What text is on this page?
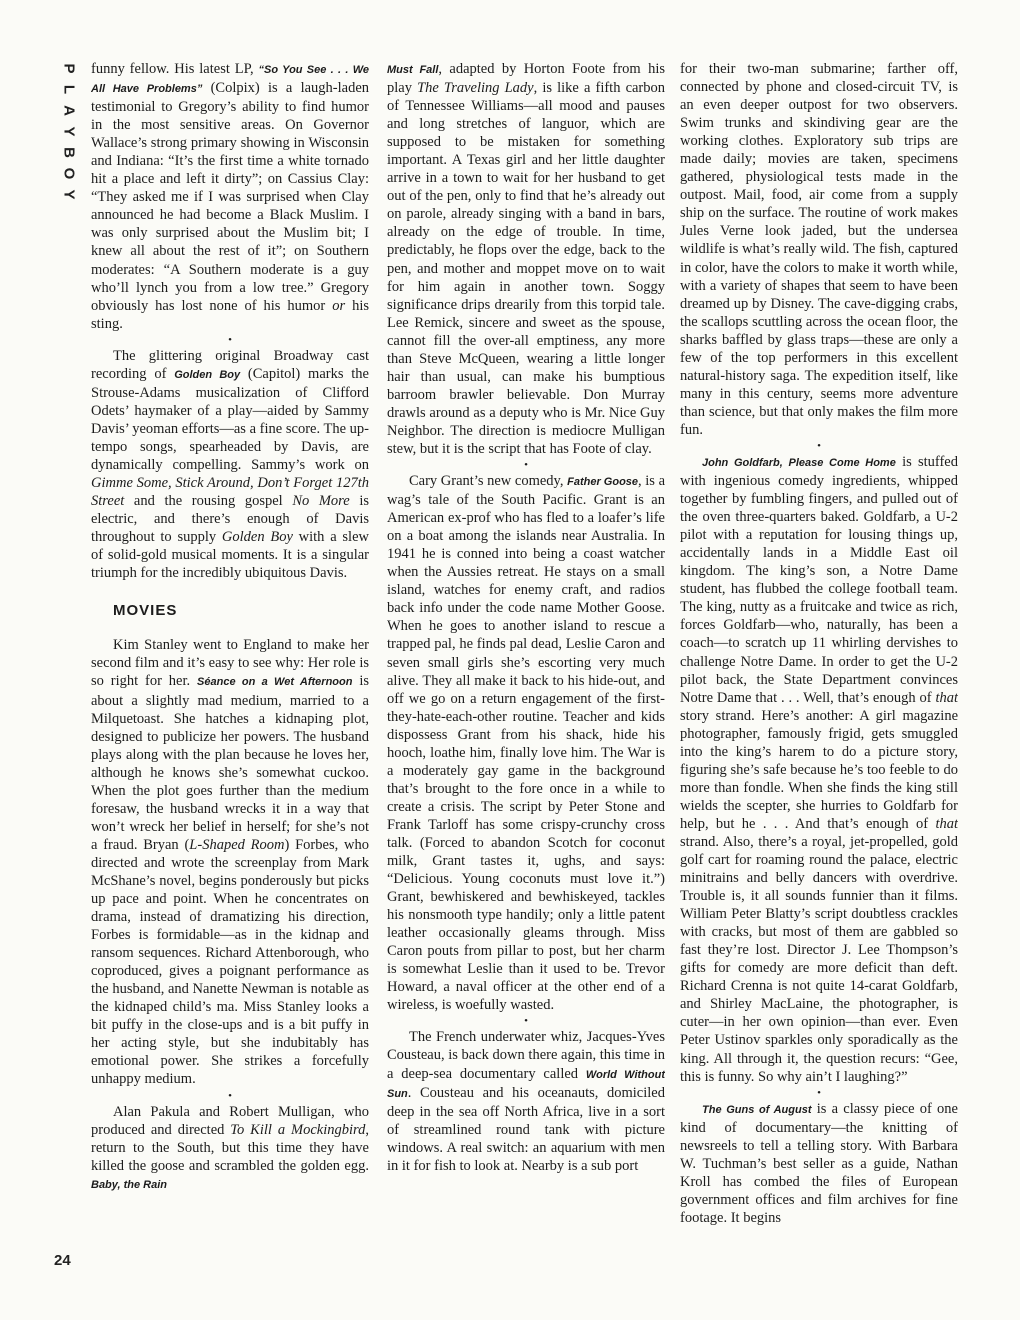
P
L
A
Y
B
O
Y

funny fellow. His latest LP, “So You See . . . We All Have Problems” (Colpix) is a laugh-laden testimonial to Gregory’s ability to find humor in the most sensitive areas. On Governor Wallace’s strong primary showing in Wisconsin and Indiana: “It’s the first time a white tornado hit a place and left it dirty”; on Cassius Clay: “They asked me if I was surprised when Clay announced he had become a Black Muslim. I was only surprised about the Muslim bit; I knew all about the rest of it”; on Southern moderates: “A Southern moderate is a guy who’ll lynch you from a low tree.” Gregory obviously has lost none of his humor or his sting.

•

The glittering original Broadway cast recording of Golden Boy (Capitol) marks the Strouse-Adams musicalization of Clifford Odets’ haymaker of a play—aided by Sammy Davis’ yeoman efforts—as a fine score. The up-tempo songs, spearheaded by Davis, are dynamically compelling. Sammy’s work on Gimme Some, Stick Around, Don’t Forget 127th Street and the rousing gospel No More is electric, and there’s enough of Davis throughout to supply Golden Boy with a slew of solid-gold musical moments. It is a singular triumph for the incredibly ubiquitous Davis.

MOVIES

Kim Stanley went to England to make her second film and it’s easy to see why: Her role is so right for her. Séance on a Wet Afternoon is about a slightly mad medium, married to a Milquetoast. She hatches a kidnaping plot, designed to publicize her powers. The husband plays along with the plan because he loves her, although he knows she’s somewhat cuckoo. When the plot goes further than the medium foresaw, the husband wrecks it in a way that won’t wreck her belief in herself; for she’s not a fraud. Bryan (L-Shaped Room) Forbes, who directed and wrote the screenplay from Mark McShane’s novel, begins ponderously but picks up pace and point. When he concentrates on drama, instead of dramatizing his direction, Forbes is formidable—as in the kidnap and ransom sequences. Richard Attenborough, who coproduced, gives a poignant performance as the husband, and Nanette Newman is notable as the kidnaped child’s ma. Miss Stanley looks a bit puffy in the close-ups and is a bit puffy in her acting style, but she indubitably has emotional power. She strikes a forcefully unhappy medium.

•

Alan Pakula and Robert Mulligan, who produced and directed To Kill a Mockingbird, return to the South, but this time they have killed the goose and scrambled the golden egg. Baby, the Rain

Must Fall, adapted by Horton Foote from his play The Traveling Lady, is like a fifth carbon of Tennessee Williams—all mood and pauses and long stretches of languor, which are supposed to be mistaken for something important. A Texas girl and her little daughter arrive in a town to wait for her husband to get out of the pen, only to find that he’s already out on parole, already singing with a band in bars, already on the edge of trouble. In time, predictably, he flops over the edge, back to the pen, and mother and moppet move on to wait for him again in another town. Soggy significance drips drearily from this torpid tale. Lee Remick, sincere and sweet as the spouse, cannot fill the over-all emptiness, any more than Steve McQueen, wearing a little longer hair than usual, can make his bumptious barroom brawler believable. Don Murray drawls around as a deputy who is Mr. Nice Guy Neighbor. The direction is mediocre Mulligan stew, but it is the script that has Foote of clay.

•

Cary Grant’s new comedy, Father Goose, is a wag’s tale of the South Pacific. Grant is an American ex-prof who has fled to a loafer’s life on a boat among the islands near Australia. In 1941 he is conned into being a coast watcher when the Aussies retreat. He stays on a small island, watches for enemy craft, and radios back info under the code name Mother Goose. When he goes to another island to rescue a trapped pal, he finds pal dead, Leslie Caron and seven small girls she’s escorting very much alive. They all make it back to his hide-out, and off we go on a return engagement of the first-they-hate-each-other routine. Teacher and kids dispossess Grant from his shack, hide his hooch, loathe him, finally love him. The War is a moderately gay game in the background that’s brought to the fore once in a while to create a crisis. The script by Peter Stone and Frank Tarloff has some crispy-crunchy cross talk. (Forced to abandon Scotch for coconut milk, Grant tastes it, ughs, and says: “Delicious. Young coconuts must love it.”) Grant, bewhiskered and bewhiskeyed, tackles his nonsmooth type handily; only a little patent leather occasionally gleams through. Miss Caron pouts from pillar to post, but her charm is somewhat Leslie than it used to be. Trevor Howard, a naval officer at the other end of a wireless, is woefully wasted.

•

The French underwater whiz, Jacques-Yves Cousteau, is back down there again, this time in a deep-sea documentary called World Without Sun. Cousteau and his oceanauts, domiciled deep in the sea off North Africa, live in a sort of streamlined round tank with picture windows. A real switch: an aquarium with men in it for fish to look at. Nearby is a sub port

for their two-man submarine; farther off, connected by phone and closed-circuit TV, is an even deeper outpost for two observers. Swim trunks and skindiving gear are the working clothes. Exploratory sub trips are made daily; movies are taken, specimens gathered, physiological tests made in the outpost. Mail, food, air come from a supply ship on the surface. The routine of work makes Jules Verne look jaded, but the undersea wildlife is what’s really wild. The fish, captured in color, have the colors to make it worth while, with a variety of shapes that seem to have been dreamed up by Disney. The cave-digging crabs, the scallops scuttling across the ocean floor, the sharks baffled by glass traps—these are only a few of the top performers in this excellent natural-history saga. The expedition itself, like many in this century, seems more adventure than science, but that only makes the film more fun.

•

John Goldfarb, Please Come Home is stuffed with ingenious comedy ingredients, whipped together by fumbling fingers, and pulled out of the oven three-quarters baked. Goldfarb, a U-2 pilot with a reputation for lousing things up, accidentally lands in a Middle East oil kingdom. The king’s son, a Notre Dame student, has flubbed the college football team. The king, nutty as a fruitcake and twice as rich, forces Goldfarb—who, naturally, has been a coach—to scratch up 11 whirling dervishes to challenge Notre Dame. In order to get the U-2 pilot back, the State Department convinces Notre Dame that . . . Well, that’s enough of that story strand. Here’s another: A girl magazine photographer, famously frigid, gets smuggled into the king’s harem to do a picture story, figuring she’s safe because he’s too feeble to do more than fondle. When she finds the king still wields the scepter, she hurries to Goldfarb for help, but he . . . And that’s enough of that strand. Also, there’s a royal, jet-propelled, gold golf cart for roaming round the palace, electric minitrains and belly dancers with overdrive. Trouble is, it all sounds funnier than it films. William Peter Blatty’s script doubtless crackles with cracks, but most of them are gabbled so fast they’re lost. Director J. Lee Thompson’s gifts for comedy are more deficit than deft. Richard Crenna is not quite 14-carat Goldfarb, and Shirley MacLaine, the photographer, is cuter—in her own opinion—than ever. Even Peter Ustinov sparkles only sporadically as the king. All through it, the question recurs: “Gee, this is funny. So why ain’t I laughing?”

•

The Guns of August is a classy piece of one kind of documentary—the knitting of newsreels to tell a telling story. With Barbara W. Tuchman’s best seller as a guide, Nathan Kroll has combed the files of European government offices and film archives for fine footage. It begins

24
